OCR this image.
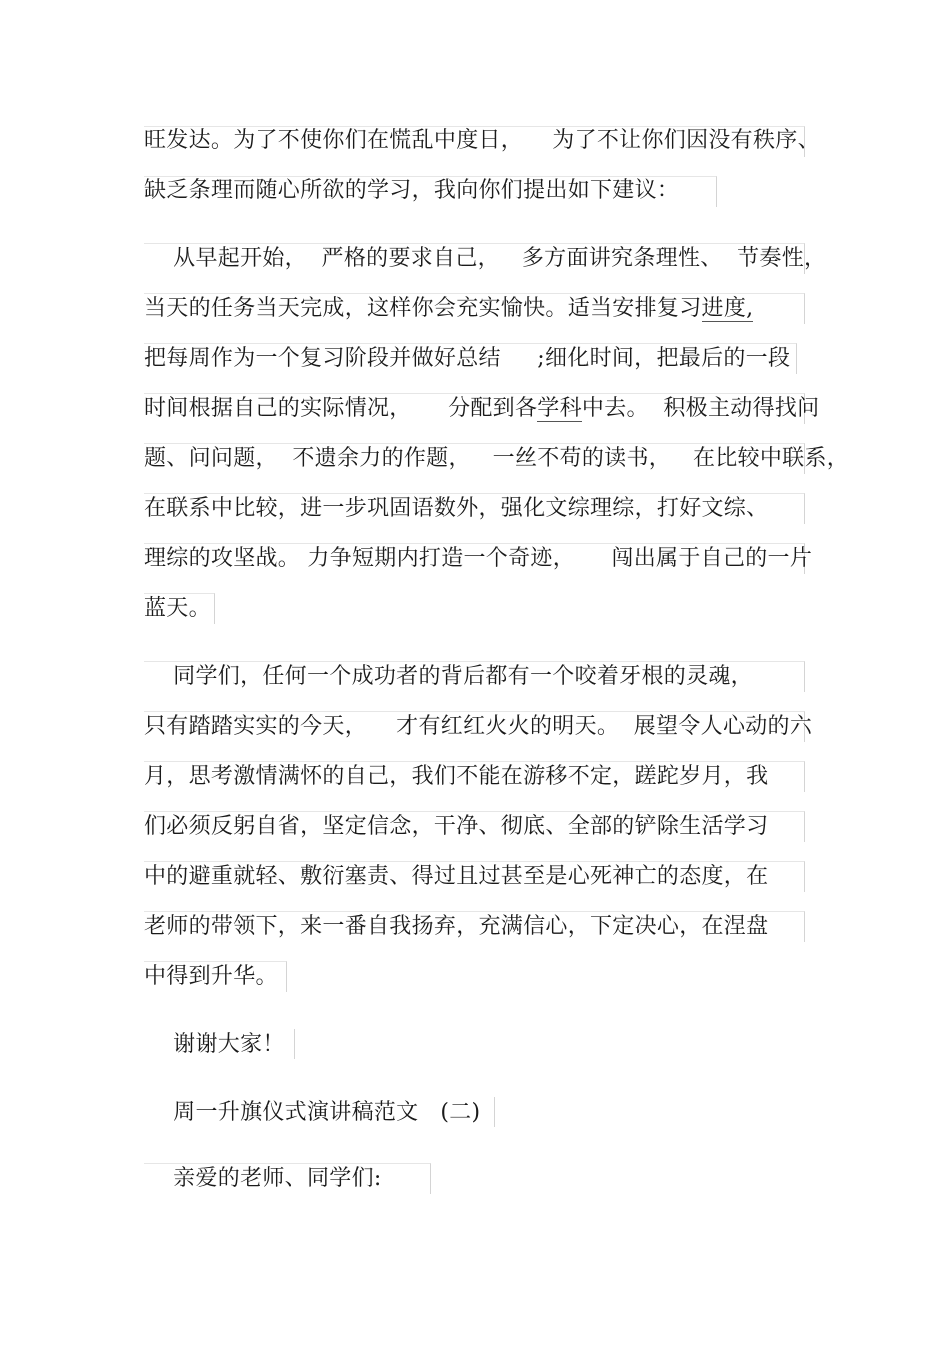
旺发达。为了不使你们在慌乱中度日，    为了不让你们因没有秩序、
缺乏条理而随心所欲的学习，我向你们提出如下建议：
从早起开始，  严格的要求自己，   多方面讲究条理性、  节奏性，
当天的任务当天完成，这样你会充实愉快。适当安排复习进度,
把每周作为一个复习阶段并做好总结     ;细化时间，把最后的一段
时间根据自己的实际情况，     分配到各学科中去。  积极主动得找问
题、问问题，  不遗余力的作题，   一丝不苟的读书，   在比较中联系，
在联系中比较，进一步巩固语数外，强化文综理综，打好文综、
理综的攻坚战。 力争短期内打造一个奇迹，     闯出属于自己的一片
蓝天。
同学们，任何一个成功者的背后都有一个咬着牙根的灵魂，
只有踏踏实实的今天，    才有红红火火的明天。  展望令人心动的六
月，思考激情满怀的自己，我们不能在游移不定，蹉跎岁月，我
们必须反躬自省，坚定信念，干净、彻底、全部的铲除生活学习
中的避重就轻、敷衍塞责、得过且过甚至是心死神亡的态度，在
老师的带领下，来一番自我扬弃，充满信心，下定决心，在涅盘
中得到升华。
谢谢大家！
周一升旗仪式演讲稿范文   (二)
亲爱的老师、同学们:
